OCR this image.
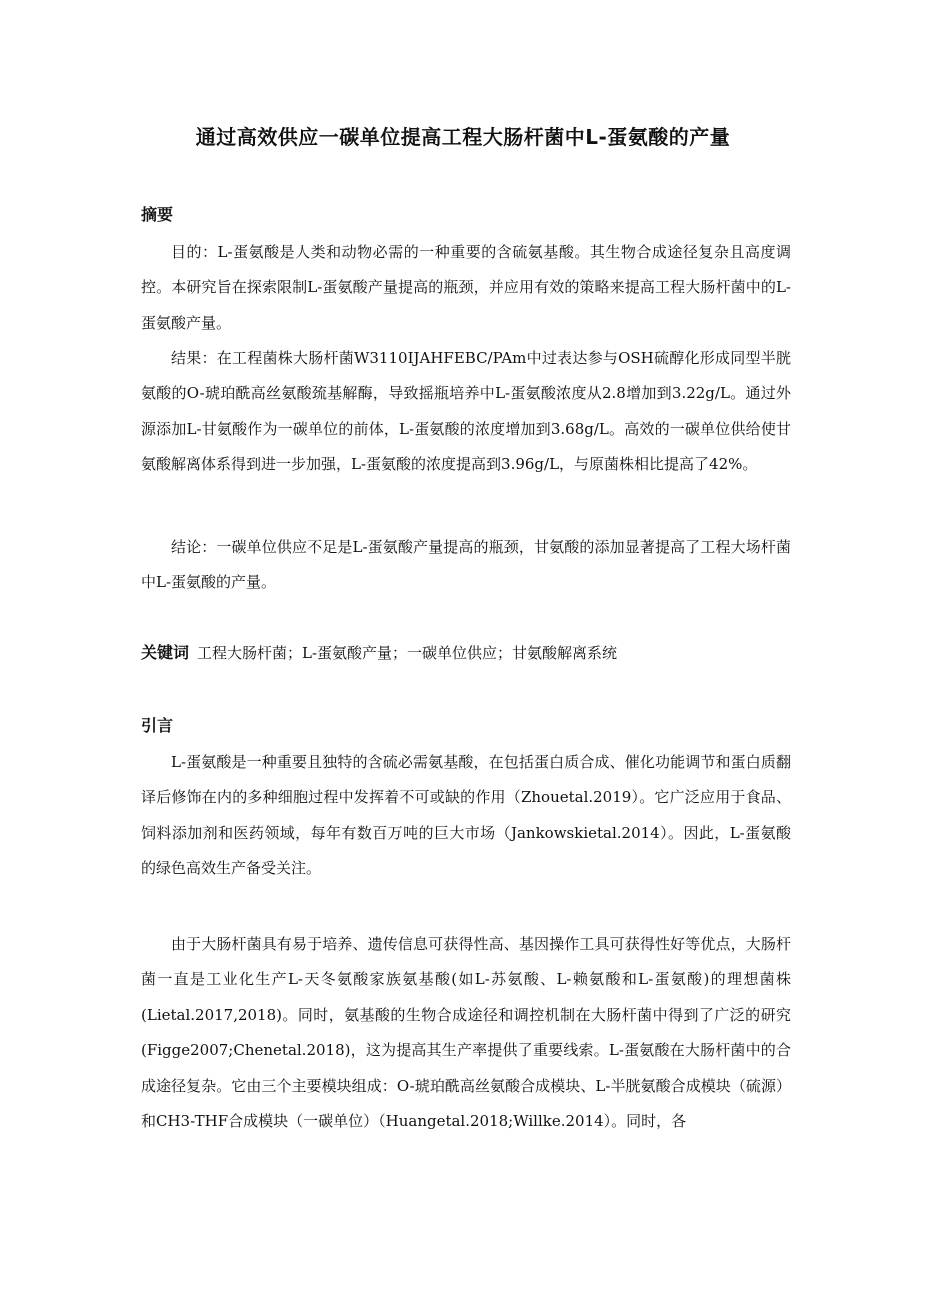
通过高效供应一碳单位提高工程大肠杆菌中L-蛋氨酸的产量
摘要

目的：L-蛋氨酸是人类和动物必需的一种重要的含硫氨基酸。其生物合成途径复杂且高度调控。本研究旨在探索限制L-蛋氨酸产量提高的瓶颈，并应用有效的策略来提高工程大肠杆菌中的L-蛋氨酸产量。

结果：在工程菌株大肠杆菌W3110IJAHFEBC/PAm中过表达参与OSH硫醇化形成同型半胱氨酸的O-琥珀酰高丝氨酸巯基解酶，导致摇瓶培养中L-蛋氨酸浓度从2.8增加到3.22g/L。通过外源添加L-甘氨酸作为一碳单位的前体，L-蛋氨酸的浓度增加到3.68g/L。高效的一碳单位供给使甘氨酸解离体系得到进一步加强，L-蛋氨酸的浓度提高到3.96g/L，与原菌株相比提高了42%。

结论：一碳单位供应不足是L-蛋氨酸产量提高的瓶颈，甘氨酸的添加显著提高了工程大场杆菌中L-蛋氨酸的产量。

关键词 工程大肠杆菌；L-蛋氨酸产量；一碳单位供应；甘氨酸解离系统

引言

L-蛋氨酸是一种重要且独特的含硫必需氨基酸，在包括蛋白质合成、催化功能调节和蛋白质翻译后修饰在内的多种细胞过程中发挥着不可或缺的作用（Zhouetal.2019）。它广泛应用于食品、饲料添加剂和医药领域，每年有数百万吨的巨大市场（Jankowskietal.2014）。因此，L-蛋氨酸的绿色高效生产备受关注。

由于大肠杆菌具有易于培养、遗传信息可获得性高、基因操作工具可获得性好等优点，大肠杆菌一直是工业化生产L-天冬氨酸家族氨基酸(如L-苏氨酸、L-赖氨酸和L-蛋氨酸)的理想菌株(Lietal.2017,2018)。同时，氨基酸的生物合成途径和调控机制在大肠杆菌中得到了广泛的研究(Figge2007;Chenetal.2018)，这为提高其生产率提供了重要线索。L-蛋氨酸在大肠杆菌中的合成途径复杂。它由三个主要模块组成：O-琥珀酰高丝氨酸合成模块、L-半胱氨酸合成模块（硫源）和CH3-THF合成模块（一碳单位）（Huangetal.2018;Willke.2014）。同时，各
